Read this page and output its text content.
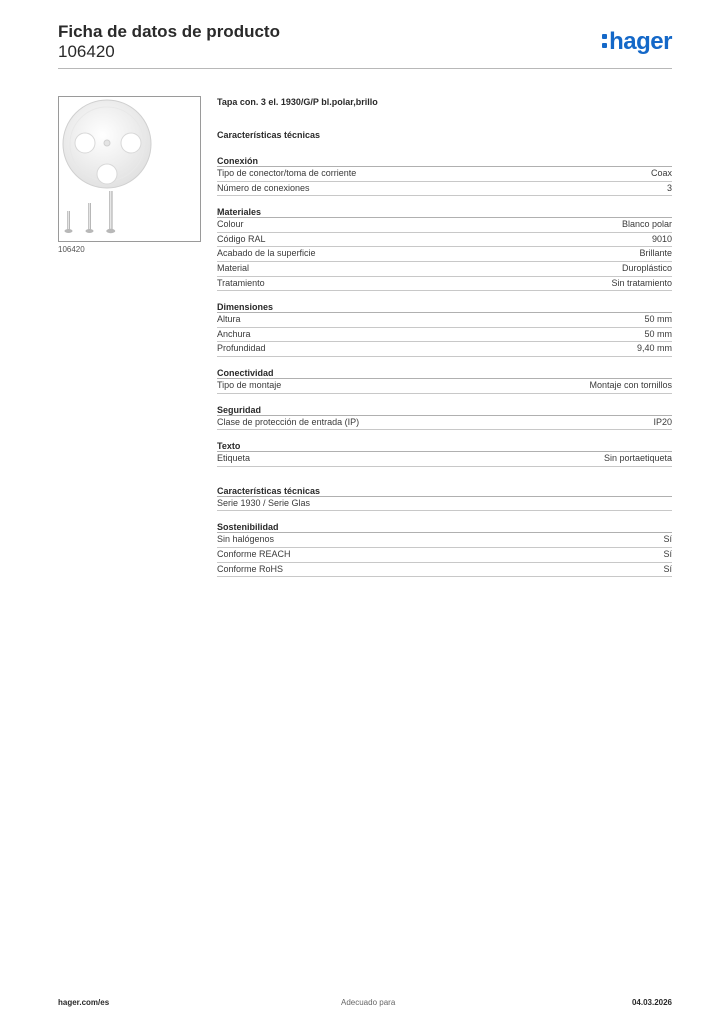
Ficha de datos de producto
106420	hager
106420
Tapa con. 3 el. 1930/G/P bl.polar,brillo
Características técnicas
Conexión
Tipo de conector/toma de corriente	Coax
Número de conexiones	3
Materiales
Colour	Blanco polar
Código RAL	9010
Acabado de la superficie	Brillante
Material	Duroplástico
Tratamiento	Sin tratamiento
Dimensiones
Altura	50 mm
Anchura	50 mm
Profundidad	9,40 mm
Conectividad
Tipo de montaje	Montaje con tornillos
Seguridad
Clase de protección de entrada (IP)	IP20
Texto
Etiqueta	Sin portaetiqueta
Características técnicas
Serie 1930 / Serie Glas
Sostenibilidad
Sin halógenos	Sí
Conforme REACH	Sí
Conforme RoHS	Sí
hager.com/es	Adecuado para	04.03.2026
